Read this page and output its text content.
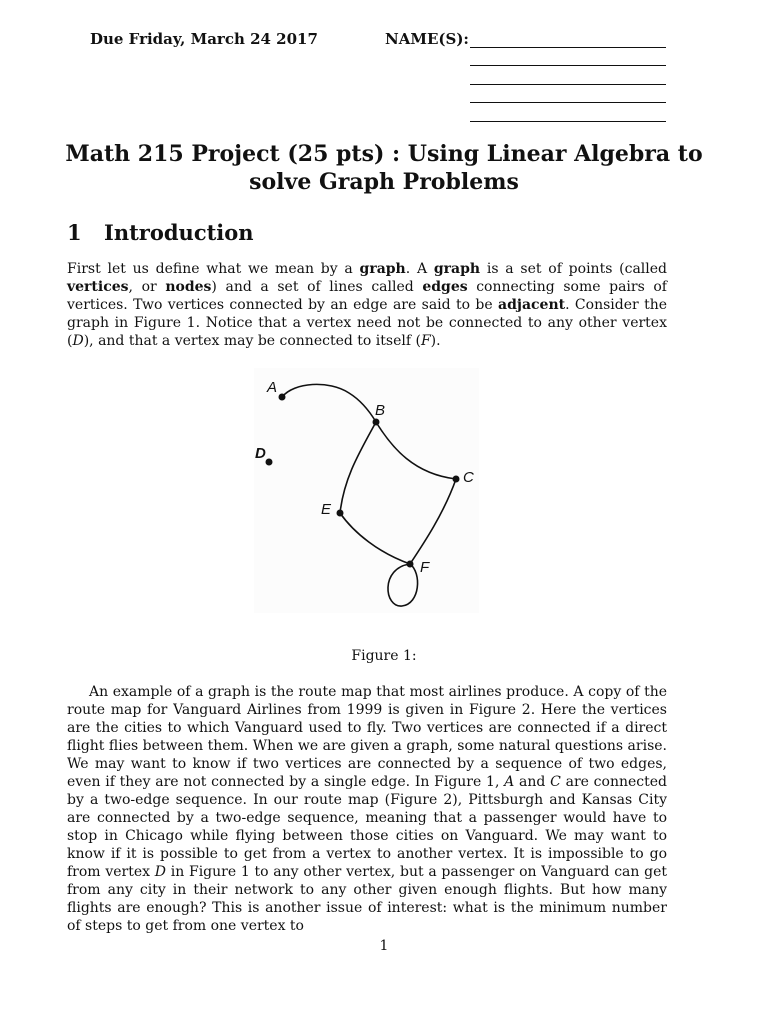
Due Friday, March 24 2017	NAME(S):
Math 215 Project (25 pts) : Using Linear Algebra to
solve Graph Problems
1 Introduction
First let us define what we mean by a graph. A graph is a set of points (called vertices, or nodes) and a set of lines called edges connecting some pairs of vertices. Two vertices connected by an edge are said to be adjacent. Consider the graph in Figure 1. Notice that a vertex need not be connected to any other vertex (D), and that a vertex may be connected to itself (F).
A
B
C
D
E
F
Figure 1:
An example of a graph is the route map that most airlines produce. A copy of the route map for Vanguard Airlines from 1999 is given in Figure 2. Here the vertices are the cities to which Vanguard used to fly. Two vertices are connected if a direct flight flies between them. When we are given a graph, some natural questions arise. We may want to know if two vertices are connected by a sequence of two edges, even if they are not connected by a single edge. In Figure 1, A and C are connected by a two-edge sequence. In our route map (Figure 2), Pittsburgh and Kansas City are connected by a two-edge sequence, meaning that a passenger would have to stop in Chicago while flying between those cities on Vanguard. We may want to know if it is possible to get from a vertex to another vertex. It is impossible to go from vertex D in Figure 1 to any other vertex, but a passenger on Vanguard can get from any city in their network to any other given enough flights. But how many flights are enough? This is another issue of interest: what is the minimum number of steps to get from one vertex to
1
